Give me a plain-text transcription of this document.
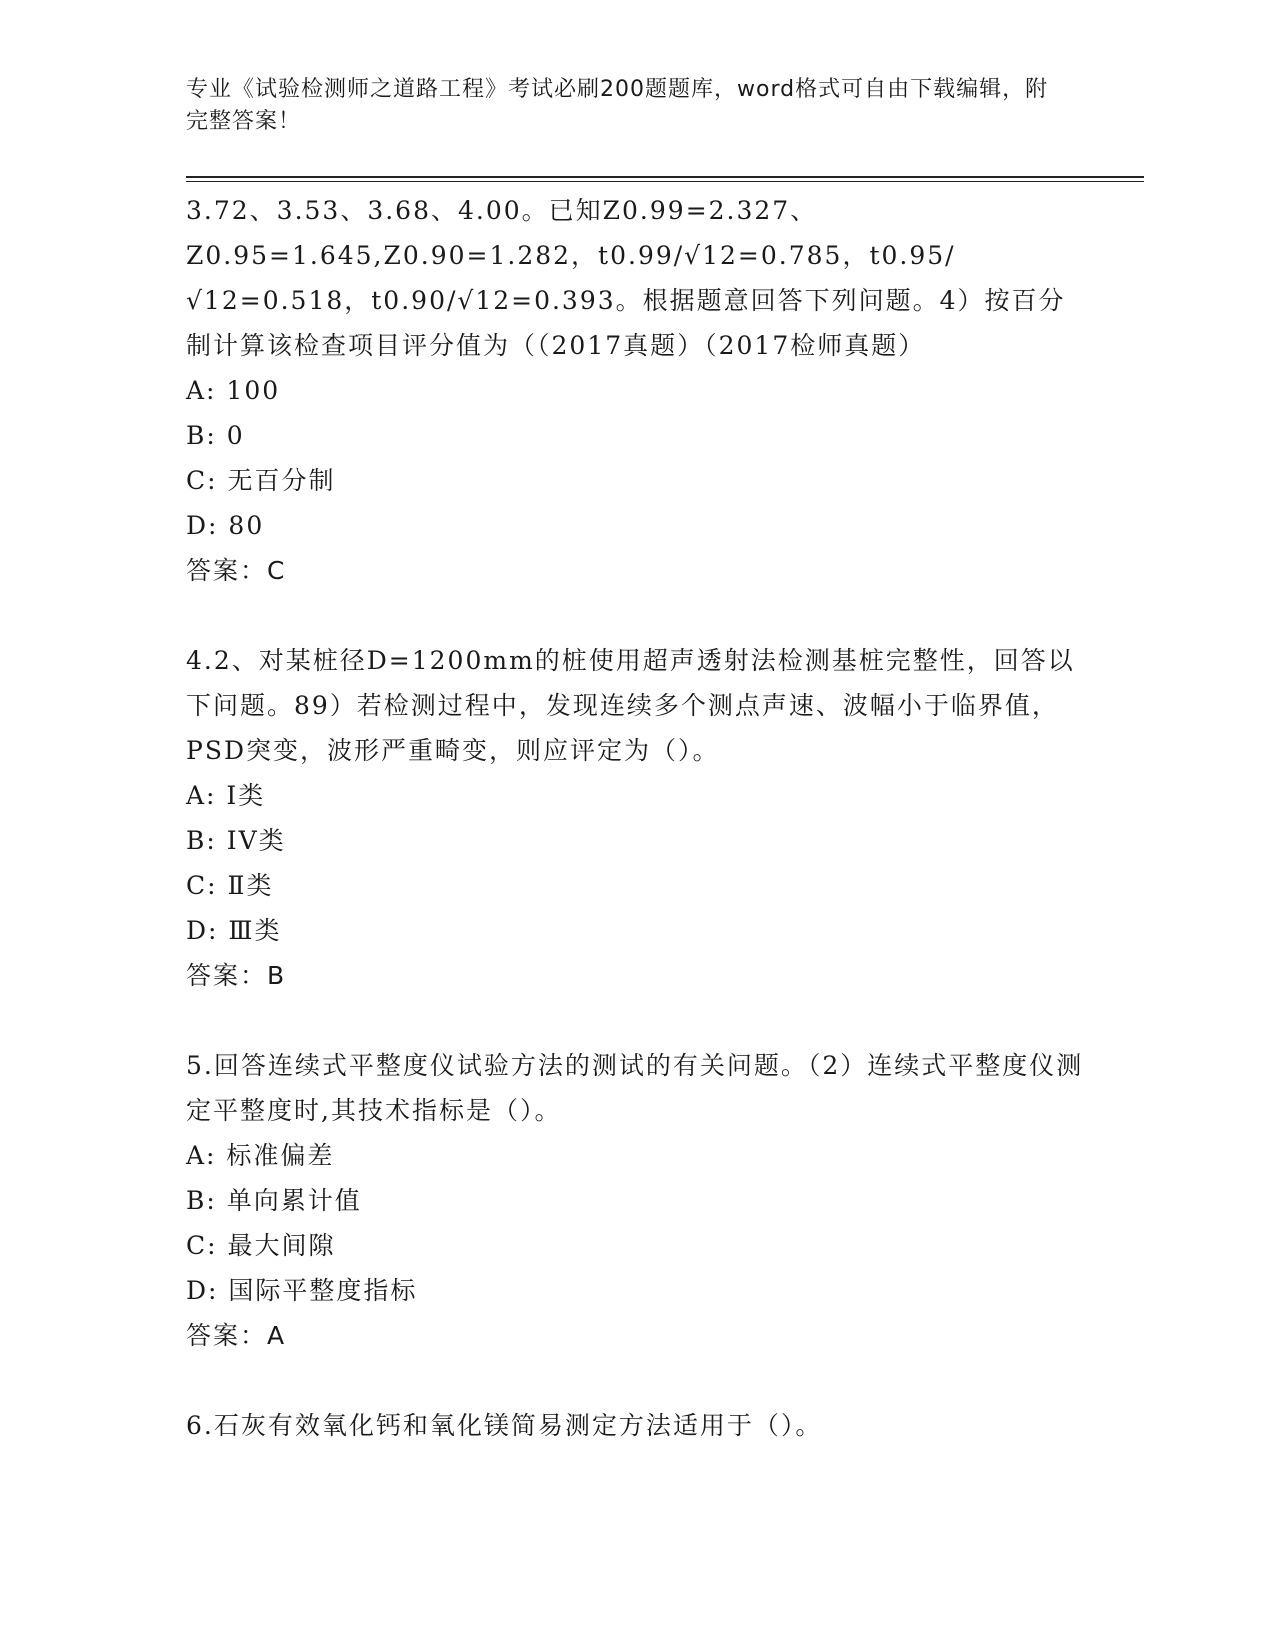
专业《试验检测师之道路工程》考试必刷200题题库，word格式可自由下载编辑，附完整答案！
3.72、3.53、3.68、4.00。已知Z0.99=2.327、Z0.95=1.645,Z0.90=1.282，t0.99/√12=0.785，t0.95/√12=0.518，t0.90/√12=0.393。根据题意回答下列问题。4）按百分制计算该检查项目评分值为（（2017真题）（2017检师真题）
A: 100
B: 0
C: 无百分制
D: 80
答案：C
4.2、对某桩径D=1200mm的桩使用超声透射法检测基桩完整性，回答以下问题。89）若检测过程中，发现连续多个测点声速、波幅小于临界值，PSD突变，波形严重畸变，则应评定为（）。
A: I类
B: IV类
C: Ⅱ类
D: Ⅲ类
答案：B
5.回答连续式平整度仪试验方法的测试的有关问题。（2）连续式平整度仪测定平整度时,其技术指标是（）。
A: 标准偏差
B: 单向累计值
C: 最大间隙
D: 国际平整度指标
答案：A
6.石灰有效氧化钙和氧化镁简易测定方法适用于（）。
